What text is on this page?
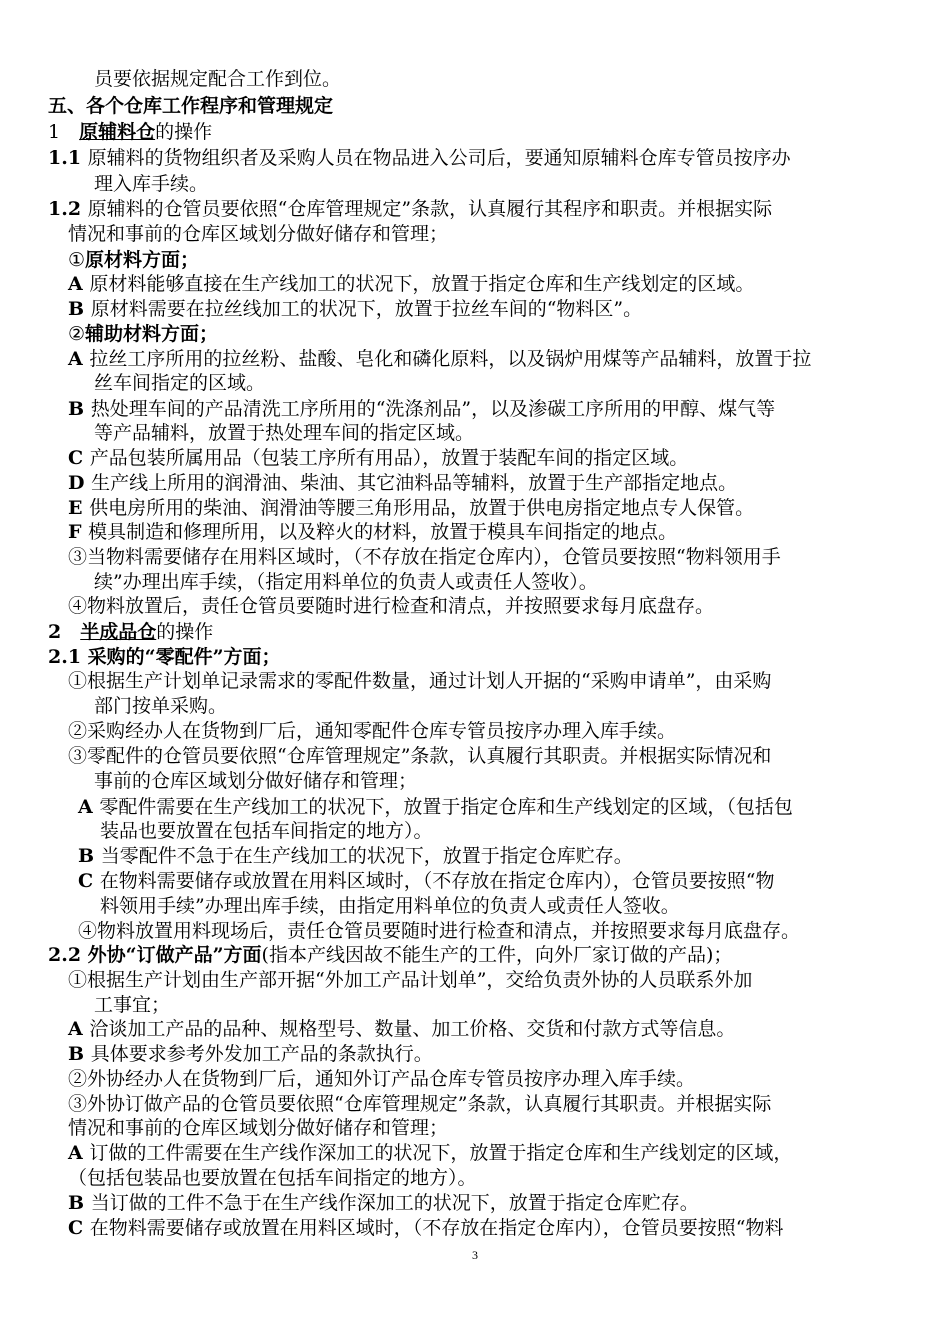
员要依据规定配合工作到位。
五、各个仓库工作程序和管理规定
1　原辅料仓的操作
1.1 原辅料的货物组织者及采购人员在物品进入公司后，要通知原辅料仓库专管员按序办
理入库手续。
1.2 原辅料的仓管员要依照“仓库管理规定”条款，认真履行其程序和职责。并根据实际
情况和事前的仓库区域划分做好储存和管理；
①原材料方面；
A 原材料能够直接在生产线加工的状况下，放置于指定仓库和生产线划定的区域。
B 原材料需要在拉丝线加工的状况下，放置于拉丝车间的“物料区”。
②辅助材料方面；
A 拉丝工序所用的拉丝粉、盐酸、皂化和磷化原料，以及锅炉用煤等产品辅料，放置于拉
丝车间指定的区域。
B 热处理车间的产品清洗工序所用的“洗涤剂品”，以及渗碳工序所用的甲醇、煤气等
等产品辅料，放置于热处理车间的指定区域。
C 产品包装所属用品（包装工序所有用品），放置于装配车间的指定区域。
D 生产线上所用的润滑油、柴油、其它油料品等辅料，放置于生产部指定地点。
E 供电房所用的柴油、润滑油等腰三角形用品，放置于供电房指定地点专人保管。
F 模具制造和修理所用，以及粹火的材料，放置于模具车间指定的地点。
③当物料需要储存在用料区域时，（不存放在指定仓库内），仓管员要按照“物料领用手
续”办理出库手续，（指定用料单位的负责人或责任人签收）。
④物料放置后，责任仓管员要随时进行检查和清点，并按照要求每月底盘存。
2　半成品仓的操作
2.1 采购的“零配件”方面；
①根据生产计划单记录需求的零配件数量，通过计划人开据的“采购申请单”，由采购
部门按单采购。
②采购经办人在货物到厂后，通知零配件仓库专管员按序办理入库手续。
③零配件的仓管员要依照“仓库管理规定”条款，认真履行其职责。并根据实际情况和
事前的仓库区域划分做好储存和管理；
A 零配件需要在生产线加工的状况下，放置于指定仓库和生产线划定的区域，（包括包
装品也要放置在包括车间指定的地方）。
B 当零配件不急于在生产线加工的状况下，放置于指定仓库贮存。
C 在物料需要储存或放置在用料区域时，（不存放在指定仓库内），仓管员要按照“物
料领用手续”办理出库手续，由指定用料单位的负责人或责任人签收。
④物料放置用料现场后，责任仓管员要随时进行检查和清点，并按照要求每月底盘存。
2.2 外协“订做产品”方面(指本产线因故不能生产的工件，向外厂家订做的产品)；
①根据生产计划由生产部开据“外加工产品计划单”，交给负责外协的人员联系外加
工事宜；
A 洽谈加工产品的品种、规格型号、数量、加工价格、交货和付款方式等信息。
B 具体要求参考外发加工产品的条款执行。
②外协经办人在货物到厂后，通知外订产品仓库专管员按序办理入库手续。
③外协订做产品的仓管员要依照“仓库管理规定”条款，认真履行其职责。并根据实际
情况和事前的仓库区域划分做好储存和管理；
A 订做的工件需要在生产线作深加工的状况下，放置于指定仓库和生产线划定的区域，
（包括包装品也要放置在包括车间指定的地方）。
B 当订做的工件不急于在生产线作深加工的状况下，放置于指定仓库贮存。
C 在物料需要储存或放置在用料区域时，（不存放在指定仓库内），仓管员要按照“物料
3
